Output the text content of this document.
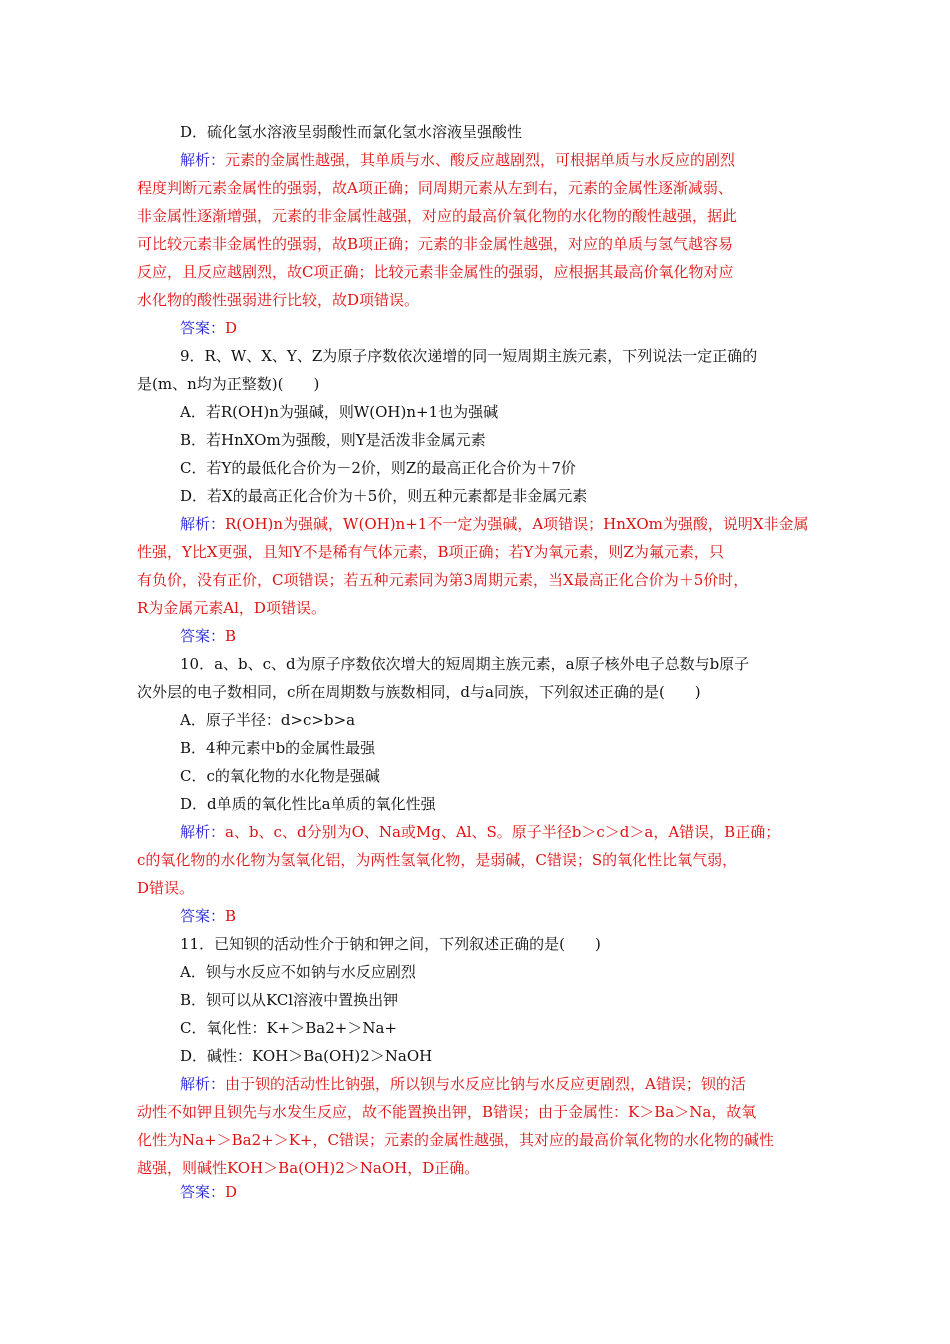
D．硫化氢水溶液呈弱酸性而氯化氢水溶液呈强酸性
解析：元素的金属性越强，其单质与水、酸反应越剧烈，可根据单质与水反应的剧烈
程度判断元素金属性的强弱，故A项正确；同周期元素从左到右，元素的金属性逐渐减弱、
非金属性逐渐增强，元素的非金属性越强，对应的最高价氧化物的水化物的酸性越强，据此
可比较元素非金属性的强弱，故B项正确；元素的非金属性越强，对应的单质与氢气越容易
反应，且反应越剧烈，故C项正确；比较元素非金属性的强弱，应根据其最高价氧化物对应
水化物的酸性强弱进行比较，故D项错误。
答案：D
9．R、W、X、Y、Z为原子序数依次递增的同一短周期主族元素，下列说法一定正确的
是(m、n均为正整数)(　　)
A．若R(OH)n为强碱，则W(OH)n+1也为强碱
B．若HnXOm为强酸，则Y是活泼非金属元素
C．若Y的最低化合价为－2价，则Z的最高正化合价为＋7价
D．若X的最高正化合价为＋5价，则五种元素都是非金属元素
解析：R(OH)n为强碱，W(OH)n+1不一定为强碱，A项错误；HnXOm为强酸，说明X非金属
性强，Y比X更强，且知Y不是稀有气体元素，B项正确；若Y为氧元素，则Z为氟元素，只
有负价，没有正价，C项错误；若五种元素同为第3周期元素，当X最高正化合价为＋5价时，
R为金属元素Al，D项错误。
答案：B
10．a、b、c、d为原子序数依次增大的短周期主族元素，a原子核外电子总数与b原子
次外层的电子数相同，c所在周期数与族数相同，d与a同族，下列叙述正确的是(　　)
A．原子半径：d>c>b>a
B．4种元素中b的金属性最强
C．c的氧化物的水化物是强碱
D．d单质的氧化性比a单质的氧化性强
解析：a、b、c、d分别为O、Na或Mg、Al、S。原子半径b＞c＞d＞a，A错误，B正确；
c的氧化物的水化物为氢氧化铝，为两性氢氧化物，是弱碱，C错误；S的氧化性比氧气弱，
D错误。
答案：B
11．已知钡的活动性介于钠和钾之间，下列叙述正确的是(　　)
A．钡与水反应不如钠与水反应剧烈
B．钡可以从KCl溶液中置换出钾
C．氧化性：K+＞Ba2+＞Na+
D．碱性：KOH＞Ba(OH)2＞NaOH
解析：由于钡的活动性比钠强，所以钡与水反应比钠与水反应更剧烈，A错误；钡的活
动性不如钾且钡先与水发生反应，故不能置换出钾，B错误；由于金属性：K＞Ba＞Na，故氧
化性为Na+＞Ba2+＞K+，C错误；元素的金属性越强，其对应的最高价氧化物的水化物的碱性
越强，则碱性KOH＞Ba(OH)2＞NaOH，D正确。
答案：D
